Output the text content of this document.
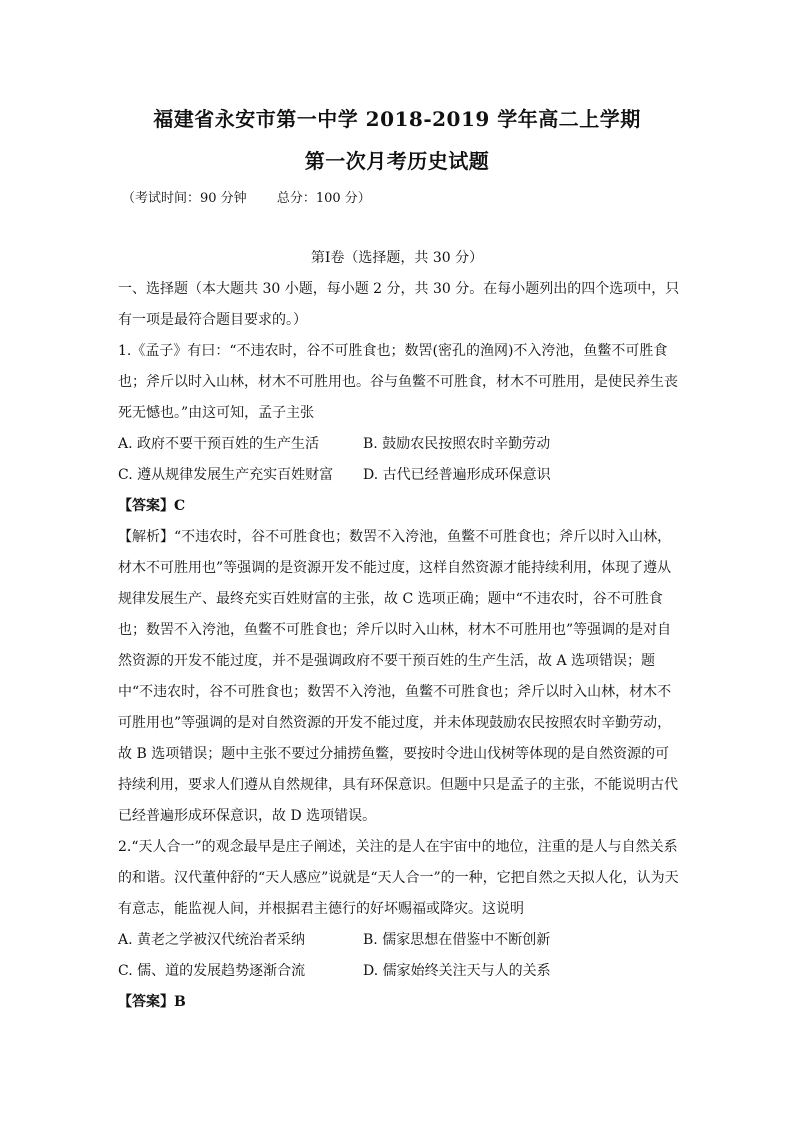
福建省永安市第一中学 2018-2019 学年高二上学期
第一次月考历史试题
（考试时间：90 分钟 总分：100 分）
第Ⅰ卷（选择题，共 30 分）

一、选择题（本大题共 30 小题，每小题 2 分，共 30 分。在每小题列出的四个选项中，只有一项是最符合题目要求的。）

1.《孟子》有曰：“不违农时，谷不可胜食也；数罟(密孔的渔网)不入洿池，鱼鳖不可胜食也；斧斤以时入山林，材木不可胜用也。谷与鱼鳖不可胜食，材木不可胜用，是使民养生丧死无憾也。”由这可知，孟子主张

A. 政府不要干预百姓的生产生活	B. 鼓励农民按照农时辛勤劳动
C. 遵从规律发展生产充实百姓财富	D. 古代已经普遍形成环保意识

【答案】C

【解析】“不违农时，谷不可胜食也；数罟不入洿池，鱼鳖不可胜食也；斧斤以时入山林，材木不可胜用也”等强调的是资源开发不能过度，这样自然资源才能持续利用，体现了遵从规律发展生产、最终充实百姓财富的主张，故 C 选项正确；题中“不违农时，谷不可胜食也；数罟不入洿池，鱼鳖不可胜食也；斧斤以时入山林，材木不可胜用也”等强调的是对自然资源的开发不能过度，并不是强调政府不要干预百姓的生产生活，故 A 选项错误；题中“不违农时，谷不可胜食也；数罟不入洿池，鱼鳖不可胜食也；斧斤以时入山林，材木不可胜用也”等强调的是对自然资源的开发不能过度，并未体现鼓励农民按照农时辛勤劳动，故 B 选项错误；题中主张不要过分捕捞鱼鳖，要按时令进山伐树等体现的是自然资源的可持续利用，要求人们遵从自然规律，具有环保意识。但题中只是孟子的主张，不能说明古代已经普遍形成环保意识，故 D 选项错误。

2.“天人合一”的观念最早是庄子阐述，关注的是人在宇宙中的地位，注重的是人与自然关系的和谐。汉代董仲舒的“天人感应”说就是“天人合一”的一种，它把自然之天拟人化，认为天有意志，能监视人间，并根据君主德行的好坏赐福或降灾。这说明

A. 黄老之学被汉代统治者采纳	B. 儒家思想在借鉴中不断创新
C. 儒、道的发展趋势逐渐合流	D. 儒家始终关注天与人的关系

【答案】B
